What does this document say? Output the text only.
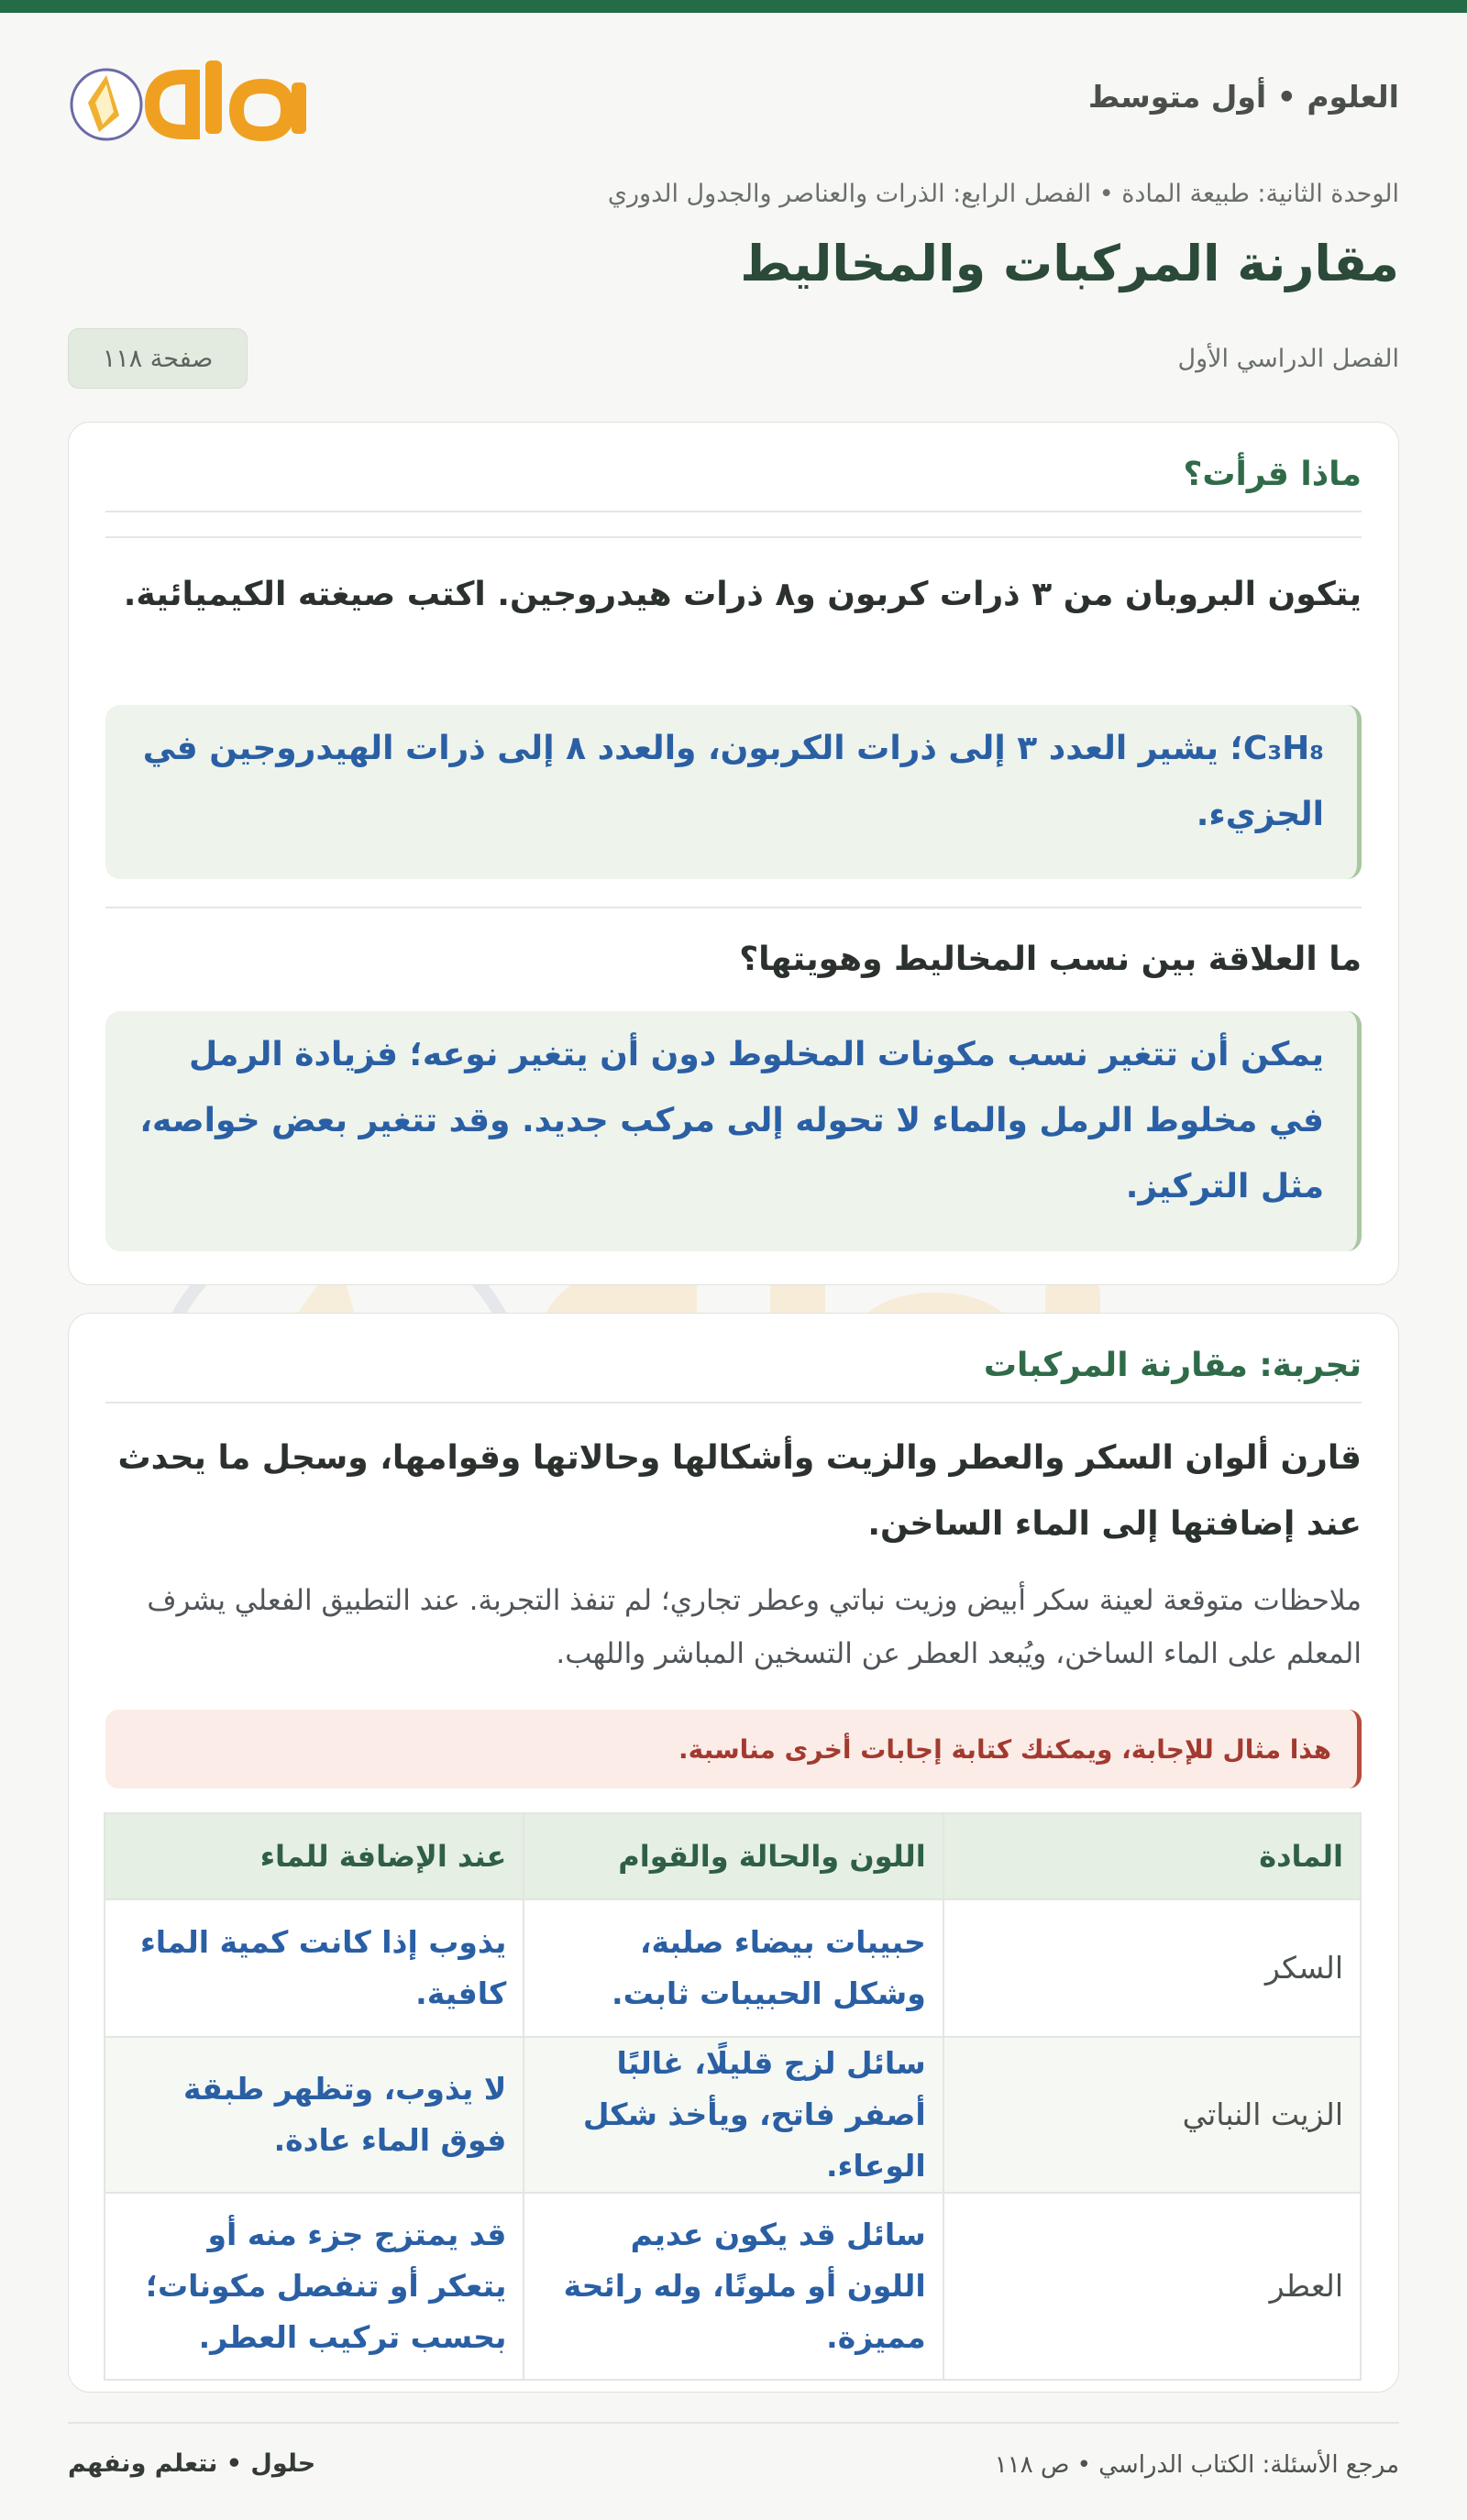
العلوم • أول متوسط
الوحدة الثانية: طبيعة المادة • الفصل الرابع: الذرات والعناصر والجدول الدوري
مقارنة المركبات والمخاليط
الفصل الدراسي الأول
صفحة ١١٨
ماذا قرأت؟
يتكون البروبان من ٣ ذرات كربون و٨ ذرات هيدروجين. اكتب صيغته الكيميائية.
C₃H₈؛ يشير العدد ٣ إلى ذرات الكربون، والعدد ٨ إلى ذرات الهيدروجين في الجزيء.
ما العلاقة بين نسب المخاليط وهويتها؟
يمكن أن تتغير نسب مكونات المخلوط دون أن يتغير نوعه؛ فزيادة الرمل في مخلوط الرمل والماء لا تحوله إلى مركب جديد. وقد تتغير بعض خواصه، مثل التركيز.
تجربة: مقارنة المركبات
قارن ألوان السكر والعطر والزيت وأشكالها وحالاتها وقوامها، وسجل ما يحدث عند إضافتها إلى الماء الساخن.
ملاحظات متوقعة لعينة سكر أبيض وزيت نباتي وعطر تجاري؛ لم تنفذ التجربة. عند التطبيق الفعلي يشرف المعلم على الماء الساخن، ويُبعد العطر عن التسخين المباشر واللهب.
هذا مثال للإجابة، ويمكنك كتابة إجابات أخرى مناسبة.
المادة	اللون والحالة والقوام	عند الإضافة للماء
السكر	حبيبات بيضاء صلبة، وشكل الحبيبات ثابت.	يذوب إذا كانت كمية الماء كافية.
الزيت النباتي	سائل لزج قليلًا، غالبًا أصفر فاتح، ويأخذ شكل الوعاء.	لا يذوب، وتظهر طبقة فوق الماء عادة.
العطر	سائل قد يكون عديم اللون أو ملونًا، وله رائحة مميزة.	قد يمتزج جزء منه أو يتعكر أو تنفصل مكونات؛ بحسب تركيب العطر.
مرجع الأسئلة: الكتاب الدراسي • ص ١١٨
حلول • نتعلم ونفهم
